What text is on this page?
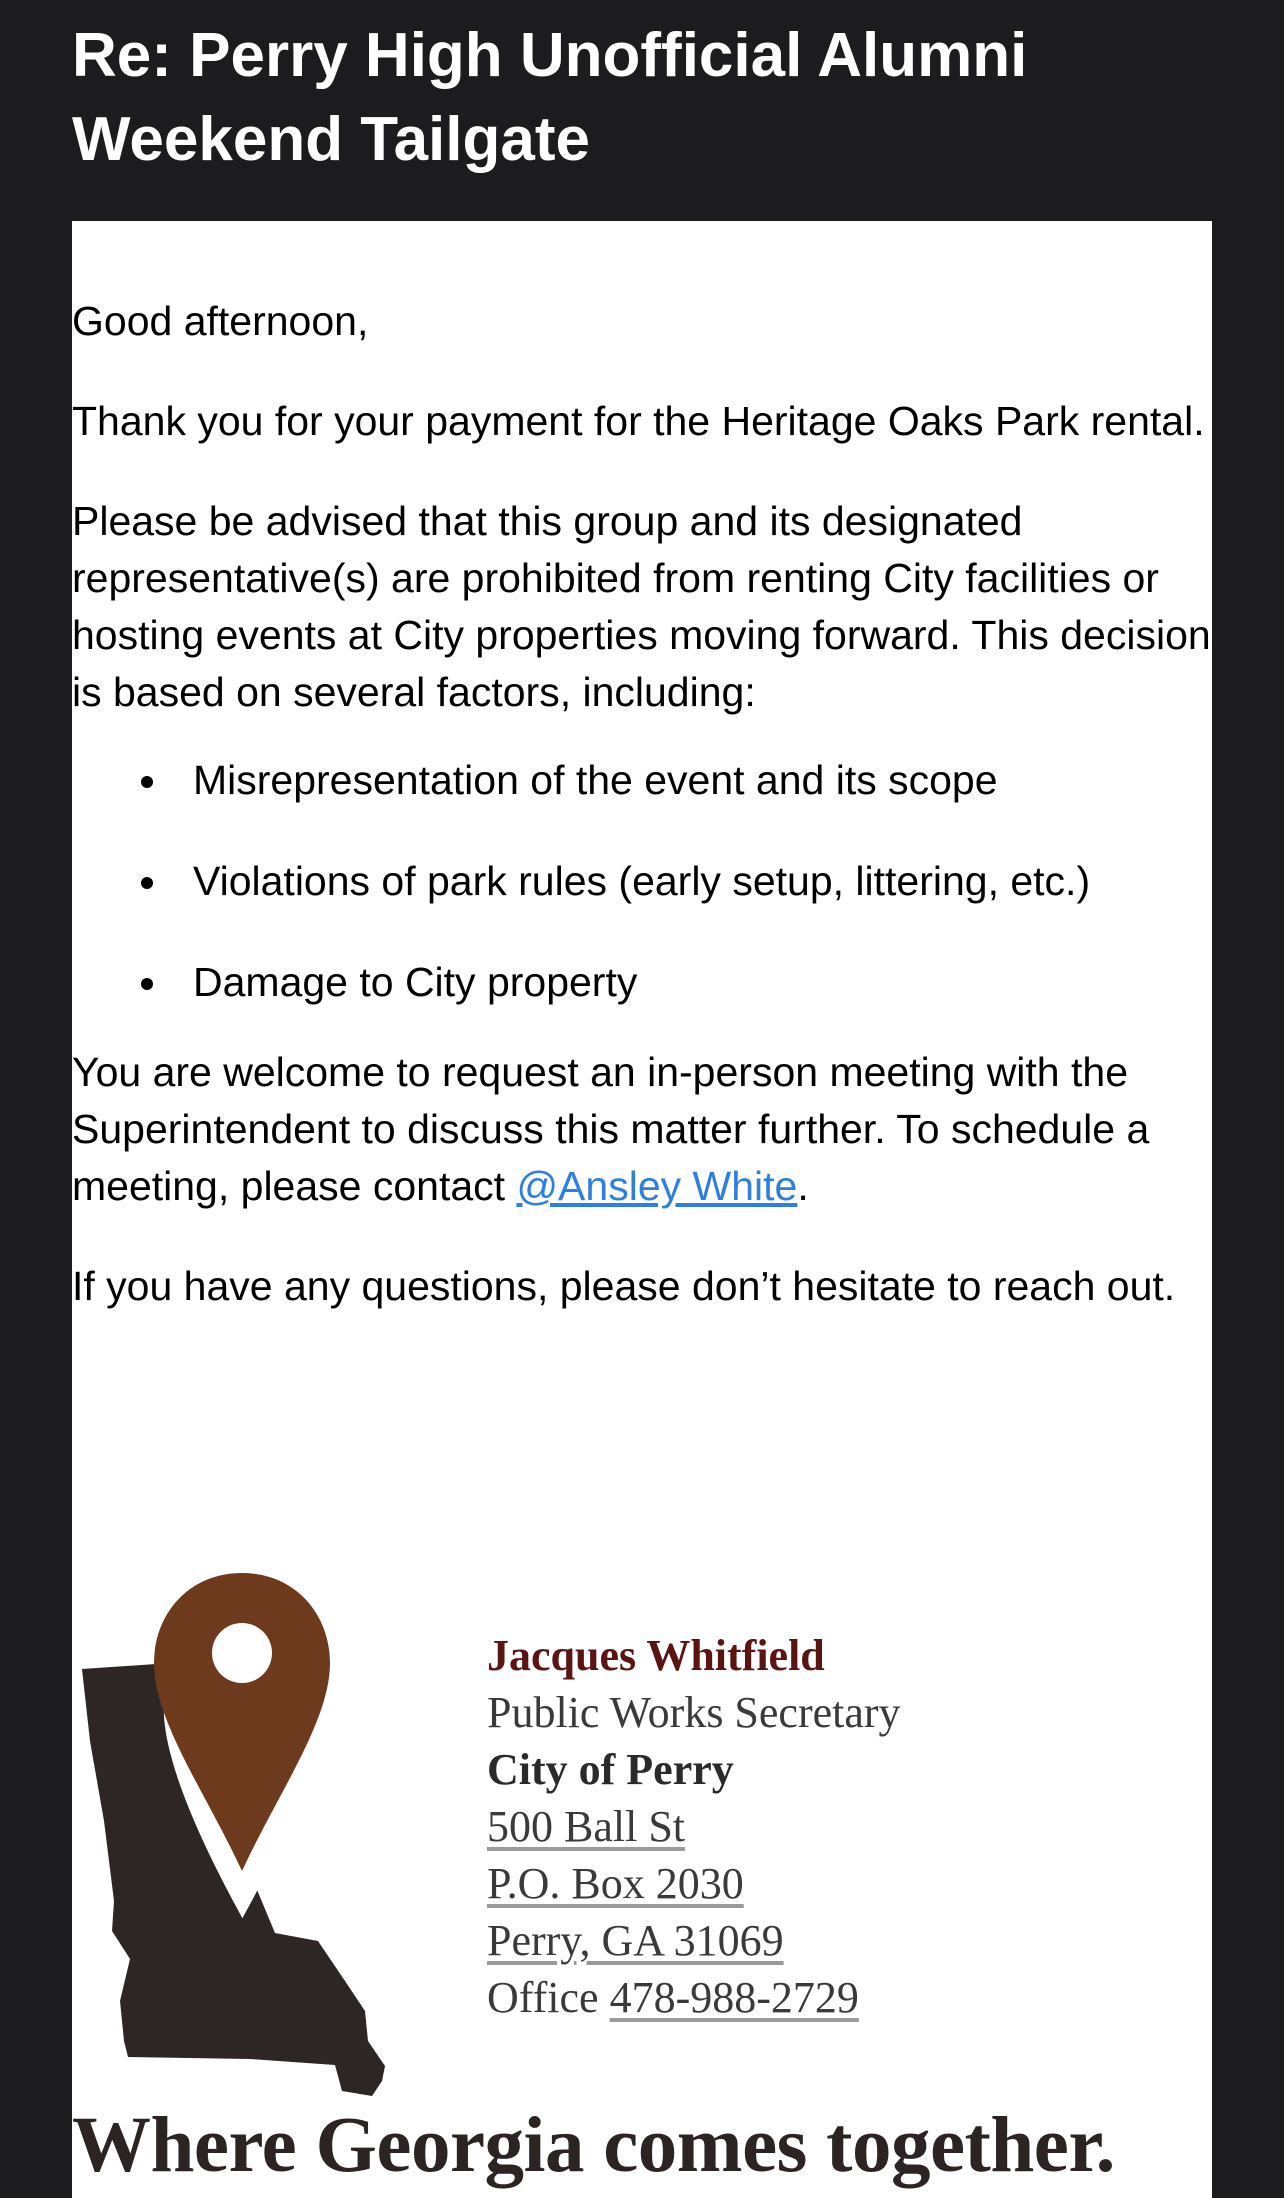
Re: Perry High Unofficial Alumni Weekend Tailgate

Good afternoon,

Thank you for your payment for the Heritage Oaks Park rental.

Please be advised that this group and its designated representative(s) are prohibited from renting City facilities or hosting events at City properties moving forward. This decision is based on several factors, including:

Misrepresentation of the event and its scope
Violations of park rules (early setup, littering, etc.)
Damage to City property

You are welcome to request an in-person meeting with the Superintendent to discuss this matter further. To schedule a meeting, please contact @Ansley White.

If you have any questions, please don’t hesitate to reach out.

Jacques Whitfield
Public Works Secretary
City of Perry
500 Ball St
P.O. Box 2030
Perry, GA 31069
Office 478-988-2729
Where Georgia comes together.
